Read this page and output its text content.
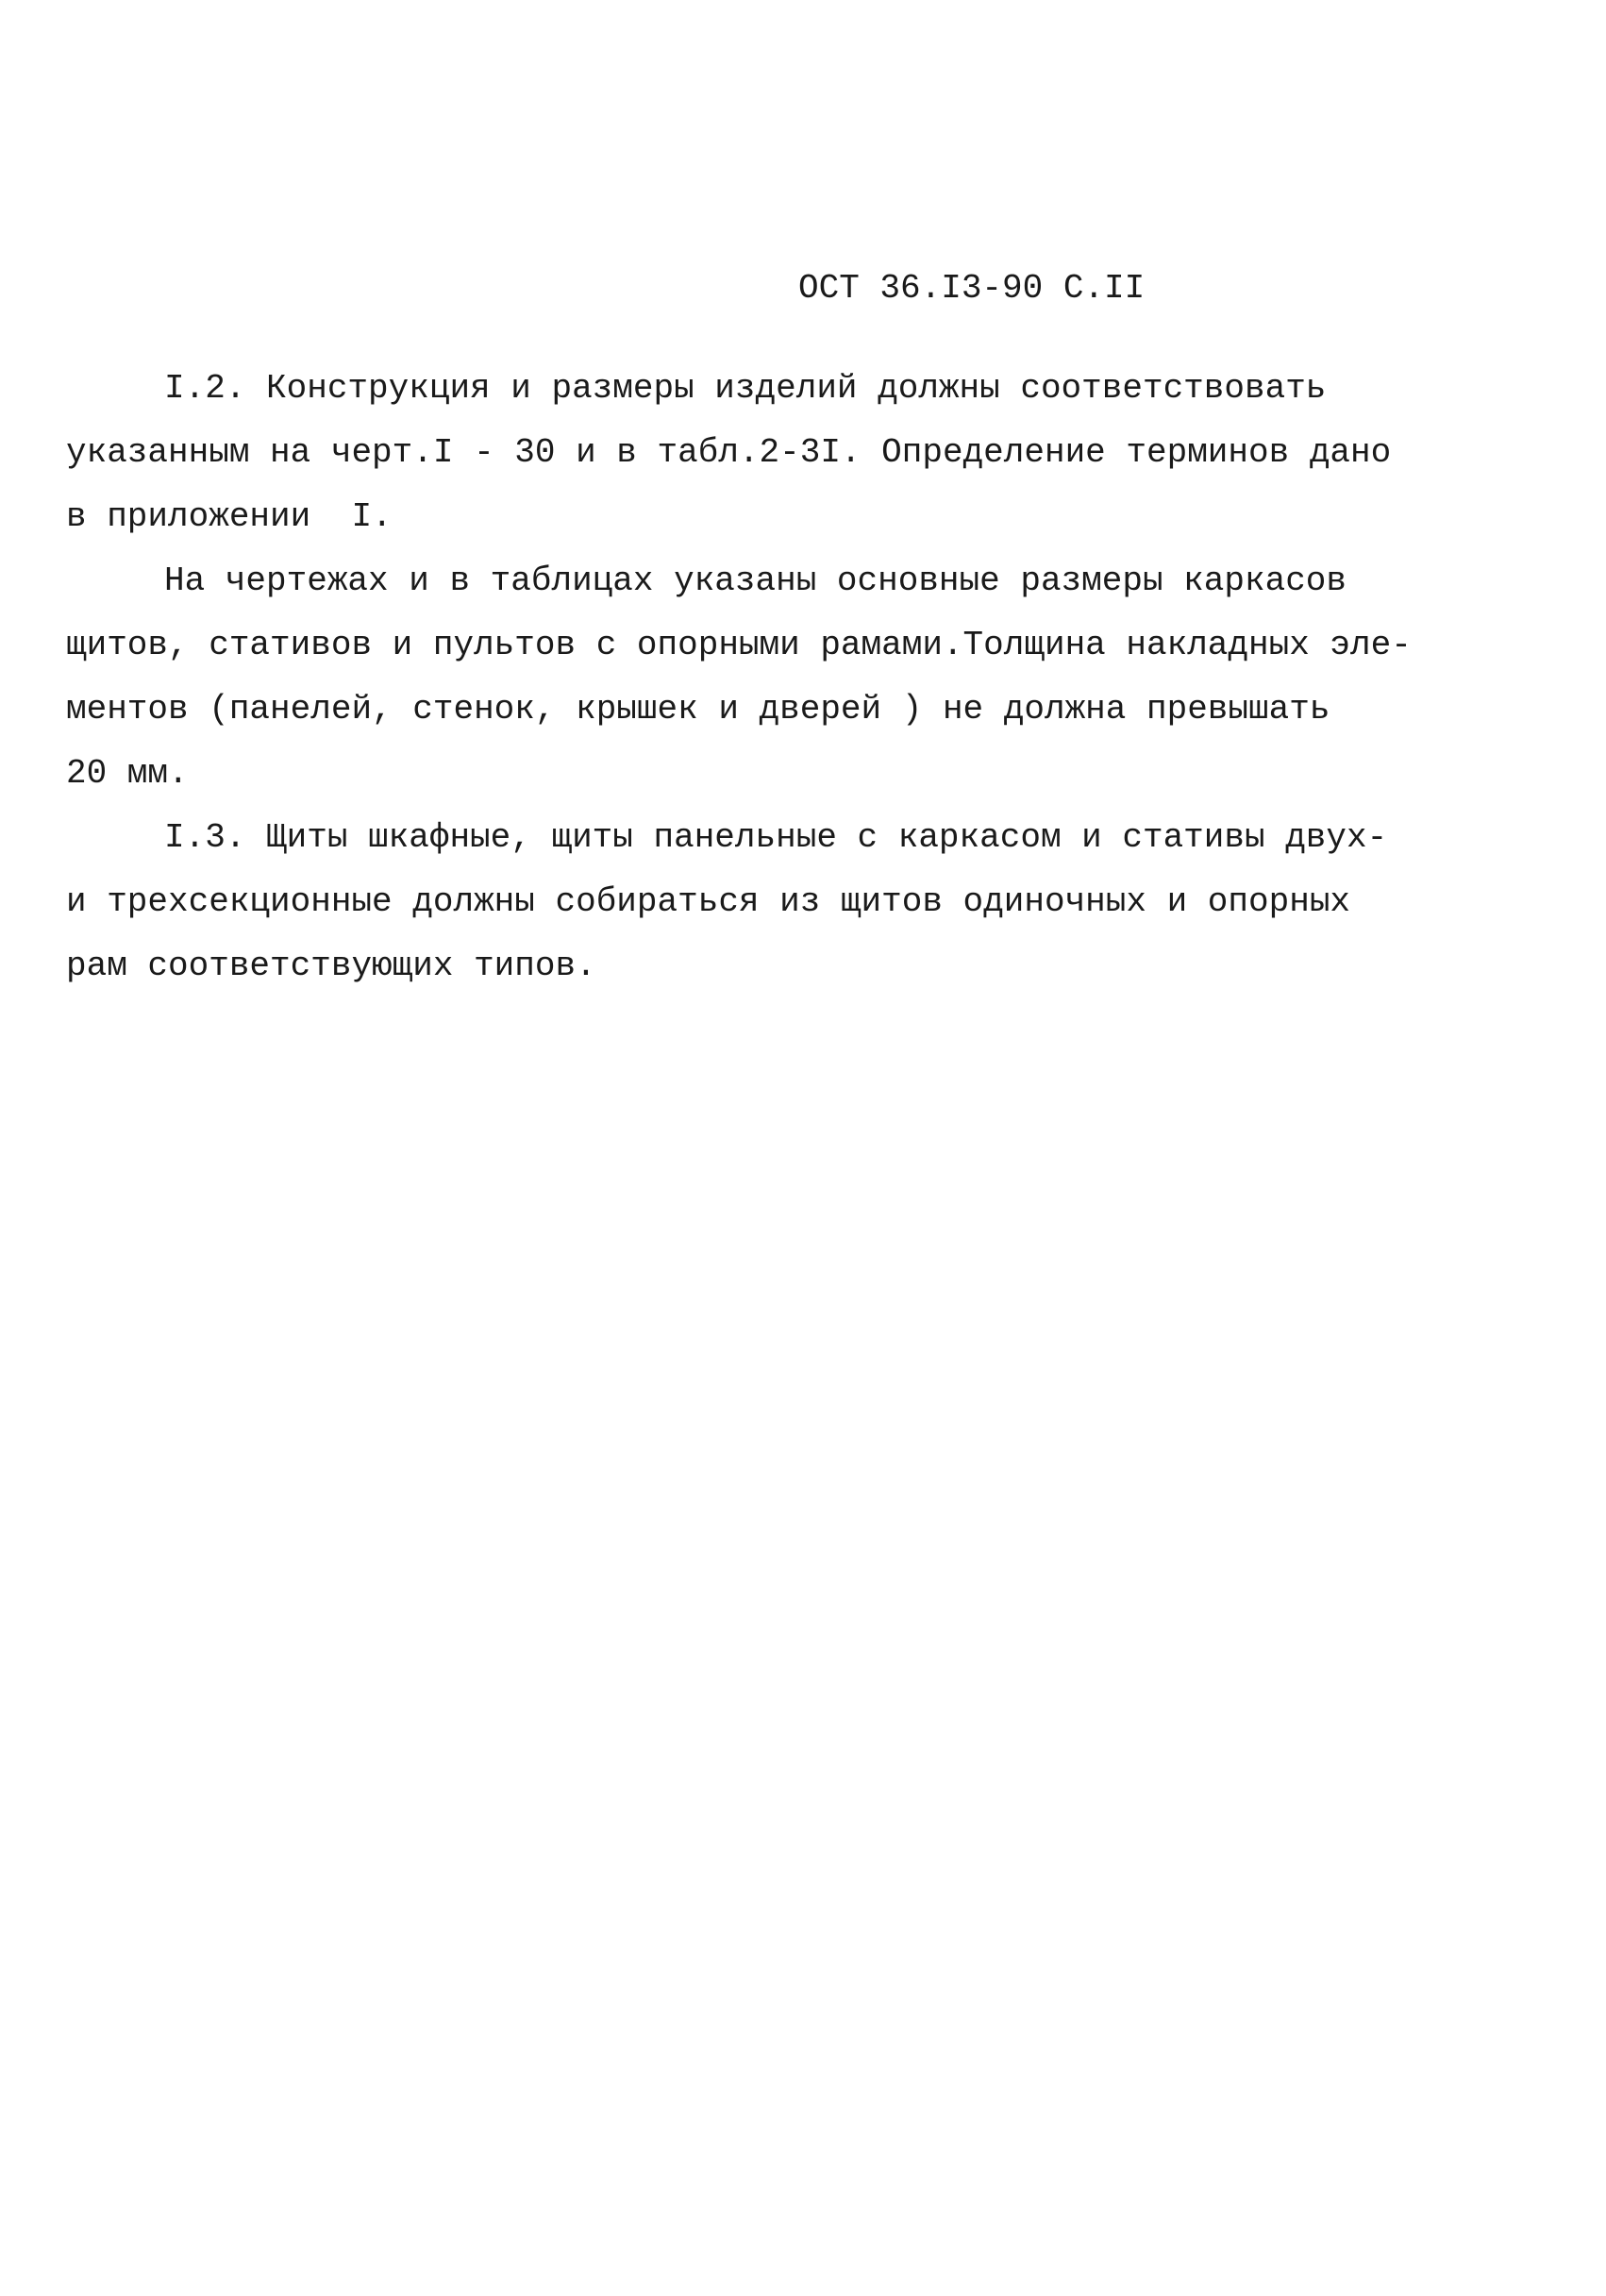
ОСТ 36.I3-90 С.II
I.2. Конструкция и размеры изделий должны соответствовать
указанным на черт.I - 30 и в табл.2-3I. Определение терминов дано
в приложении  I.
На чертежах и в таблицах указаны основные размеры каркасов
щитов, стативов и пультов с опорными рамами.Толщина накладных эле-
ментов (панелей, стенок, крышек и дверей ) не должна превышать
20 мм.
I.3. Щиты шкафные, щиты панельные с каркасом и стативы двух-
и трехсекционные должны собираться из щитов одиночных и опорных
рам соответствующих типов.
